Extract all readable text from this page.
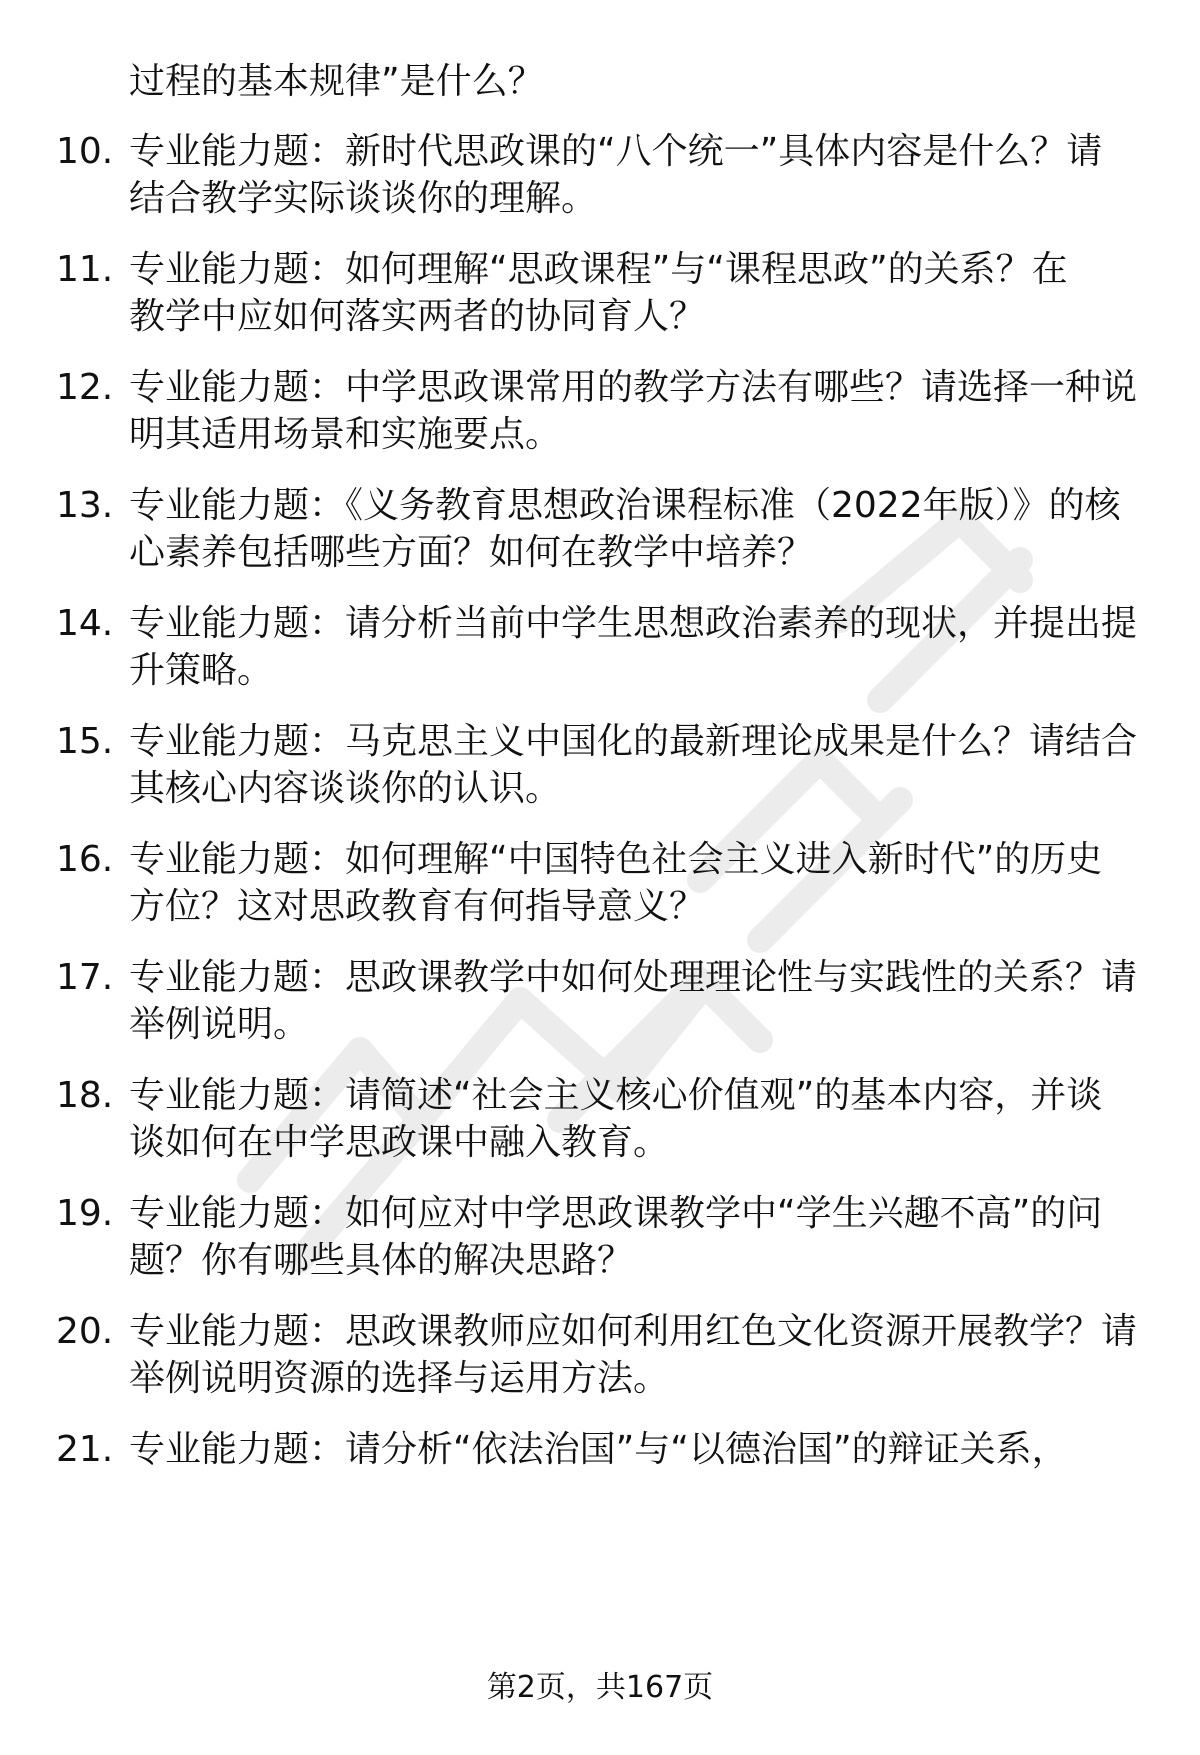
过程的基本规律”是什么？
10. 专业能力题：新时代思政课的“八个统一”具体内容是什么？请
结合教学实际谈谈你的理解。
11. 专业能力题：如何理解“思政课程”与“课程思政”的关系？在
教学中应如何落实两者的协同育人？
12. 专业能力题：中学思政课常用的教学方法有哪些？请选择一种说
明其适用场景和实施要点。
13. 专业能力题：《义务教育思想政治课程标准（2022年版）》的核
心素养包括哪些方面？如何在教学中培养？
14. 专业能力题：请分析当前中学生思想政治素养的现状，并提出提
升策略。
15. 专业能力题：马克思主义中国化的最新理论成果是什么？请结合
其核心内容谈谈你的认识。
16. 专业能力题：如何理解“中国特色社会主义进入新时代”的历史
方位？这对思政教育有何指导意义？
17. 专业能力题：思政课教学中如何处理理论性与实践性的关系？请
举例说明。
18. 专业能力题：请简述“社会主义核心价值观”的基本内容，并谈
谈如何在中学思政课中融入教育。
19. 专业能力题：如何应对中学思政课教学中“学生兴趣不高”的问
题？你有哪些具体的解决思路？
20. 专业能力题：思政课教师应如何利用红色文化资源开展教学？请
举例说明资源的选择与运用方法。
21. 专业能力题：请分析“依法治国”与“以德治国”的辩证关系，
第2页，共167页
